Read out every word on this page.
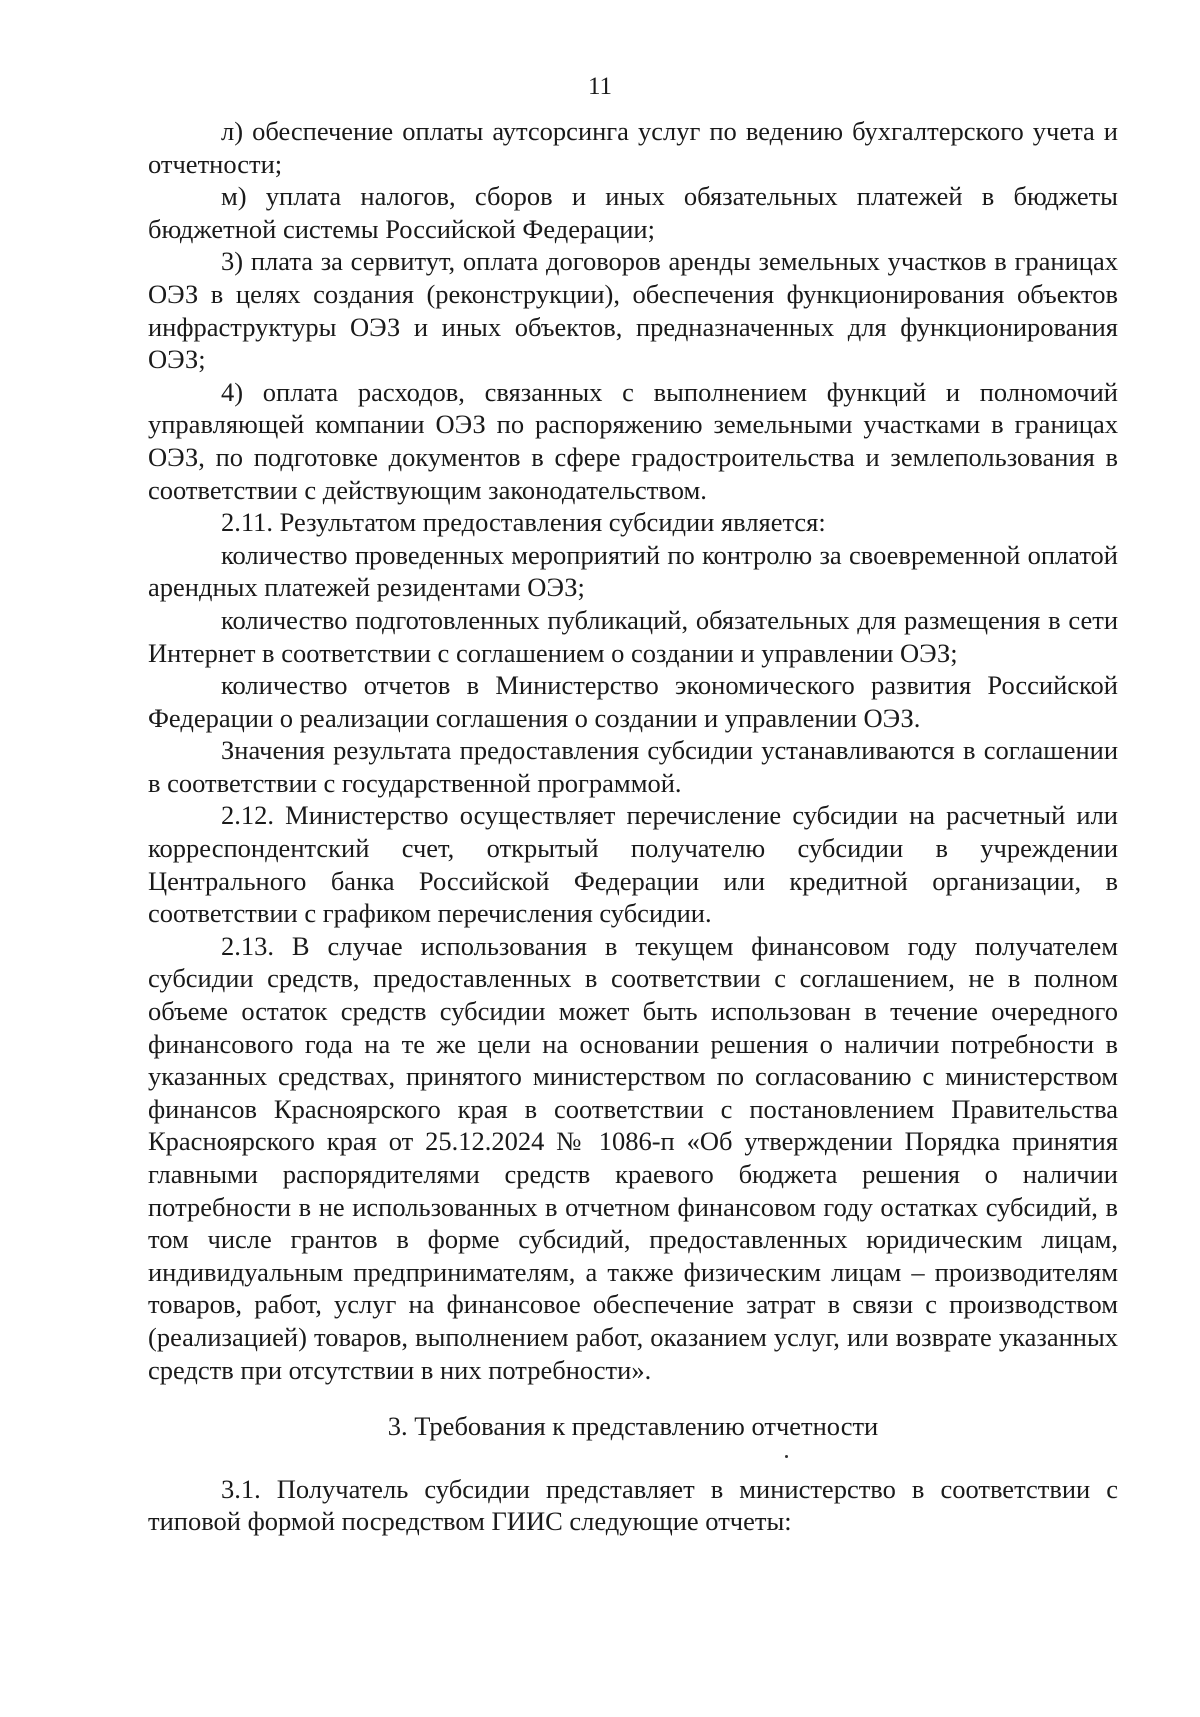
11

л) обеспечение оплаты аутсорсинга услуг по ведению бухгалтерского учета и отчетности;

м) уплата налогов, сборов и иных обязательных платежей в бюджеты бюджетной системы Российской Федерации;

3) плата за сервитут, оплата договоров аренды земельных участков в границах ОЭЗ в целях создания (реконструкции), обеспечения функционирования объектов инфраструктуры ОЭЗ и иных объектов, предназначенных для функционирования ОЭЗ;

4) оплата расходов, связанных с выполнением функций и полномочий управляющей компании ОЭЗ по распоряжению земельными участками в границах ОЭЗ, по подготовке документов в сфере градостроительства и землепользования в соответствии с действующим законодательством.

2.11. Результатом предоставления субсидии является:

количество проведенных мероприятий по контролю за своевременной оплатой арендных платежей резидентами ОЭЗ;

количество подготовленных публикаций, обязательных для размещения в сети Интернет в соответствии с соглашением о создании и управлении ОЭЗ;

количество отчетов в Министерство экономического развития Российской Федерации о реализации соглашения о создании и управлении ОЭЗ.

Значения результата предоставления субсидии устанавливаются в соглашении в соответствии с государственной программой.

2.12. Министерство осуществляет перечисление субсидии на расчетный или корреспондентский счет, открытый получателю субсидии в учреждении Центрального банка Российской Федерации или кредитной организации, в соответствии с графиком перечисления субсидии.

2.13. В случае использования в текущем финансовом году получателем субсидии средств, предоставленных в соответствии с соглашением, не в полном объеме остаток средств субсидии может быть использован в течение очередного финансового года на те же цели на основании решения о наличии потребности в указанных средствах, принятого министерством по согласованию с министерством финансов Красноярского края в соответствии с постановлением Правительства Красноярского края от 25.12.2024 № 1086-п «Об утверждении Порядка принятия главными распорядителями средств краевого бюджета решения о наличии потребности в не использованных в отчетном финансовом году остатках субсидий, в том числе грантов в форме субсидий, предоставленных юридическим лицам, индивидуальным предпринимателям, а также физическим лицам – производителям товаров, работ, услуг на финансовое обеспечение затрат в связи с производством (реализацией) товаров, выполнением работ, оказанием услуг, или возврате указанных средств при отсутствии в них потребности».

3. Требования к представлению отчетности

3.1. Получатель субсидии представляет в министерство в соответствии с типовой формой посредством ГИИС следующие отчеты:
